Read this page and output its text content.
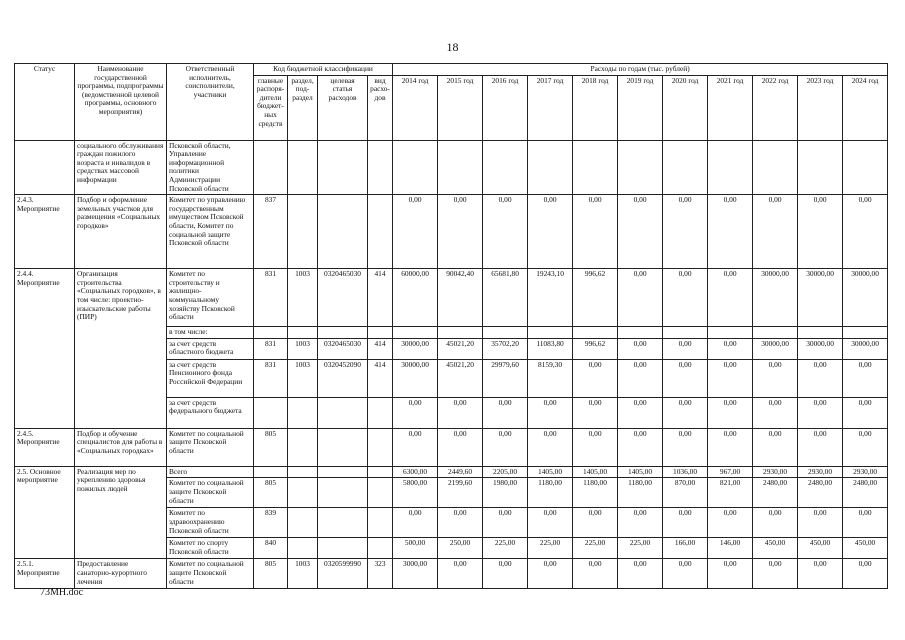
18
Статус	Наименование государственной программы, подпрограммы (ведомственной целевой программы, основного мероприятия)	Ответственный исполнитель, соисполнители, участники	Код бюджетной классификации				Расходы по годам (тыс. рублей)										
			главные распоря-дители бюджет-ных средств	раздел, под-раздел	целевая статья расходов	вид расхо-дов	2014 год	2015 год	2016 год	2017 год	2018 год	2019 год	2020 год	2021 год	2022 год	2023 год	2024 год
	социального обслуживания граждан пожилого возраста и инвалидов в средствах массовой информации	Псковской области, Управление информационной политики Администрации Псковской области															
2.4.3. Мероприятие	Подбор и оформление земельных участков для размещения «Социальных городков»	Комитет по управлению государственным имуществом Псковской области, Комитет по социальной защите Псковской области	837				0,00	0,00	0,00	0,00	0,00	0,00	0,00	0,00	0,00	0,00	0,00
2.4.4. Мероприятие	Организация строительства «Социальных городков», в том числе: проектно-изыскательские работы (ПИР)	Комитет по строительству и жилищно-коммунальному хозяйству Псковской области	831	1003	0320465030	414	60000,00	90042,40	65681,80	19243,10	996,62	0,00	0,00	0,00	30000,00	30000,00	30000,00
		в том числе:															
		за счет средств областного бюджета	831	1003	0320465030	414	30000,00	45021,20	35702,20	11083,80	996,62	0,00	0,00	0,00	30000,00	30000,00	30000,00
		за счет средств Пенсионного фонда Российской Федерации	831	1003	0320452090	414	30000,00	45021,20	29979,60	8159,30	0,00	0,00	0,00	0,00	0,00	0,00	0,00
		за счет средств федерального бюджета					0,00	0,00	0,00	0,00	0,00	0,00	0,00	0,00	0,00	0,00	0,00
2.4.5. Мероприятие	Подбор и обучение специалистов для работы в «Социальных городках»	Комитет по социальной защите Псковской области	805				0,00	0,00	0,00	0,00	0,00	0,00	0,00	0,00	0,00	0,00	0,00
2.5. Основное мероприятие	Реализация мер по укреплению здоровья пожилых людей	Всего					6300,00	2449,60	2205,00	1405,00	1405,00	1405,00	1036,00	967,00	2930,00	2930,00	2930,00
		Комитет по социальной защите Псковской области	805				5800,00	2199,60	1980,00	1180,00	1180,00	1180,00	870,00	821,00	2480,00	2480,00	2480,00
		Комитет по здравоохранению Псковской области	839				0,00	0,00	0,00	0,00	0,00	0,00	0,00	0,00	0,00	0,00	0,00
		Комитет по спорту Псковской области	840				500,00	250,00	225,00	225,00	225,00	225,00	166,00	146,00	450,00	450,00	450,00
2.5.1. Мероприятие	Предоставление санаторно-курортного лечения	Комитет по социальной защите Псковской области	805	1003	0320599990	323	3000,00	0,00	0,00	0,00	0,00	0,00	0,00	0,00	0,00	0,00	0,00
73МН.doc
